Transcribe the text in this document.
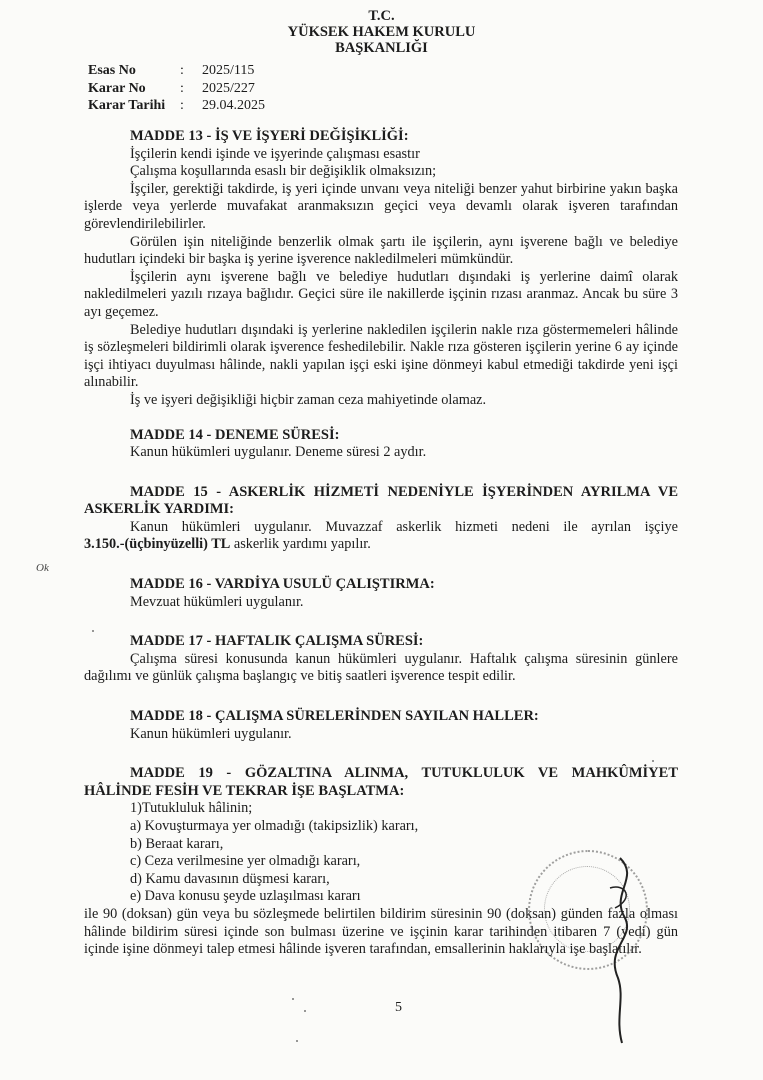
T.C.
YÜKSEK HAKEM KURULU
BAŞKANLIĞI
Esas No	:	2025/115
Karar No	:	2025/227
Karar Tarihi	:	29.04.2025
MADDE 13 - İŞ VE İŞYERİ DEĞİŞİKLİĞİ:
İşçilerin kendi işinde ve işyerinde çalışması esastır
Çalışma koşullarında esaslı bir değişiklik olmaksızın;
İşçiler, gerektiği takdirde, iş yeri içinde unvanı veya niteliği benzer yahut birbirine yakın başka işlerde veya yerlerde muvafakat aranmaksızın geçici veya devamlı olarak işveren tarafından görevlendirilebilirler.
Görülen işin niteliğinde benzerlik olmak şartı ile işçilerin, aynı işverene bağlı ve belediye hudutları içindeki bir başka iş yerine işverence nakledilmeleri mümkündür.
İşçilerin aynı işverene bağlı ve belediye hudutları dışındaki iş yerlerine daimî olarak nakledilmeleri yazılı rızaya bağlıdır. Geçici süre ile nakillerde işçinin rızası aranmaz. Ancak bu süre 3 ayı geçemez.
Belediye hudutları dışındaki iş yerlerine nakledilen işçilerin nakle rıza göstermemeleri hâlinde iş sözleşmeleri bildirimli olarak işverence feshedilebilir. Nakle rıza gösteren işçilerin yerine 6 ay içinde işçi ihtiyacı duyulması hâlinde, nakli yapılan işçi eski işine dönmeyi kabul etmediği takdirde yeni işçi alınabilir.
İş ve işyeri değişikliği hiçbir zaman ceza mahiyetinde olamaz.
MADDE 14 - DENEME SÜRESİ:
Kanun hükümleri uygulanır. Deneme süresi 2 aydır.
MADDE 15 - ASKERLİK HİZMETİ NEDENİYLE İŞYERİNDEN AYRILMA VE
ASKERLİK YARDIMI:
Kanun hükümleri uygulanır. Muvazzaf askerlik hizmeti nedeni ile ayrılan işçiye
3.150.-(üçbinyüzelli) TL askerlik yardımı yapılır.
MADDE 16 - VARDİYA USULÜ ÇALIŞTIRMA:
Mevzuat hükümleri uygulanır.
MADDE 17 - HAFTALIK ÇALIŞMA SÜRESİ:
Çalışma süresi konusunda kanun hükümleri uygulanır. Haftalık çalışma süresinin günlere dağılımı ve günlük çalışma başlangıç ve bitiş saatleri işverence tespit edilir.
MADDE 18 - ÇALIŞMA SÜRELERİNDEN SAYILAN HALLER:
Kanun hükümleri uygulanır.
MADDE 19 - GÖZALTINA ALINMA, TUTUKLULUK VE MAHKÛMİYET
HÂLİNDE FESİH VE TEKRAR İŞE BAŞLATMA:
1)Tutukluluk hâlinin;
a) Kovuşturmaya yer olmadığı (takipsizlik) kararı,
b) Beraat kararı,
c) Ceza verilmesine yer olmadığı kararı,
d) Kamu davasının düşmesi kararı,
e) Dava konusu şeyde uzlaşılması kararı
ile 90 (doksan) gün veya bu sözleşmede belirtilen bildirim süresinin 90 (doksan) günden fazla olması hâlinde bildirim süresi içinde son bulması üzerine ve işçinin karar tarihinden itibaren 7 (yedi) gün içinde işine dönmeyi talep etmesi hâlinde işveren tarafından, emsallerinin haklarıyla işe başlatılır.
Ok
5
